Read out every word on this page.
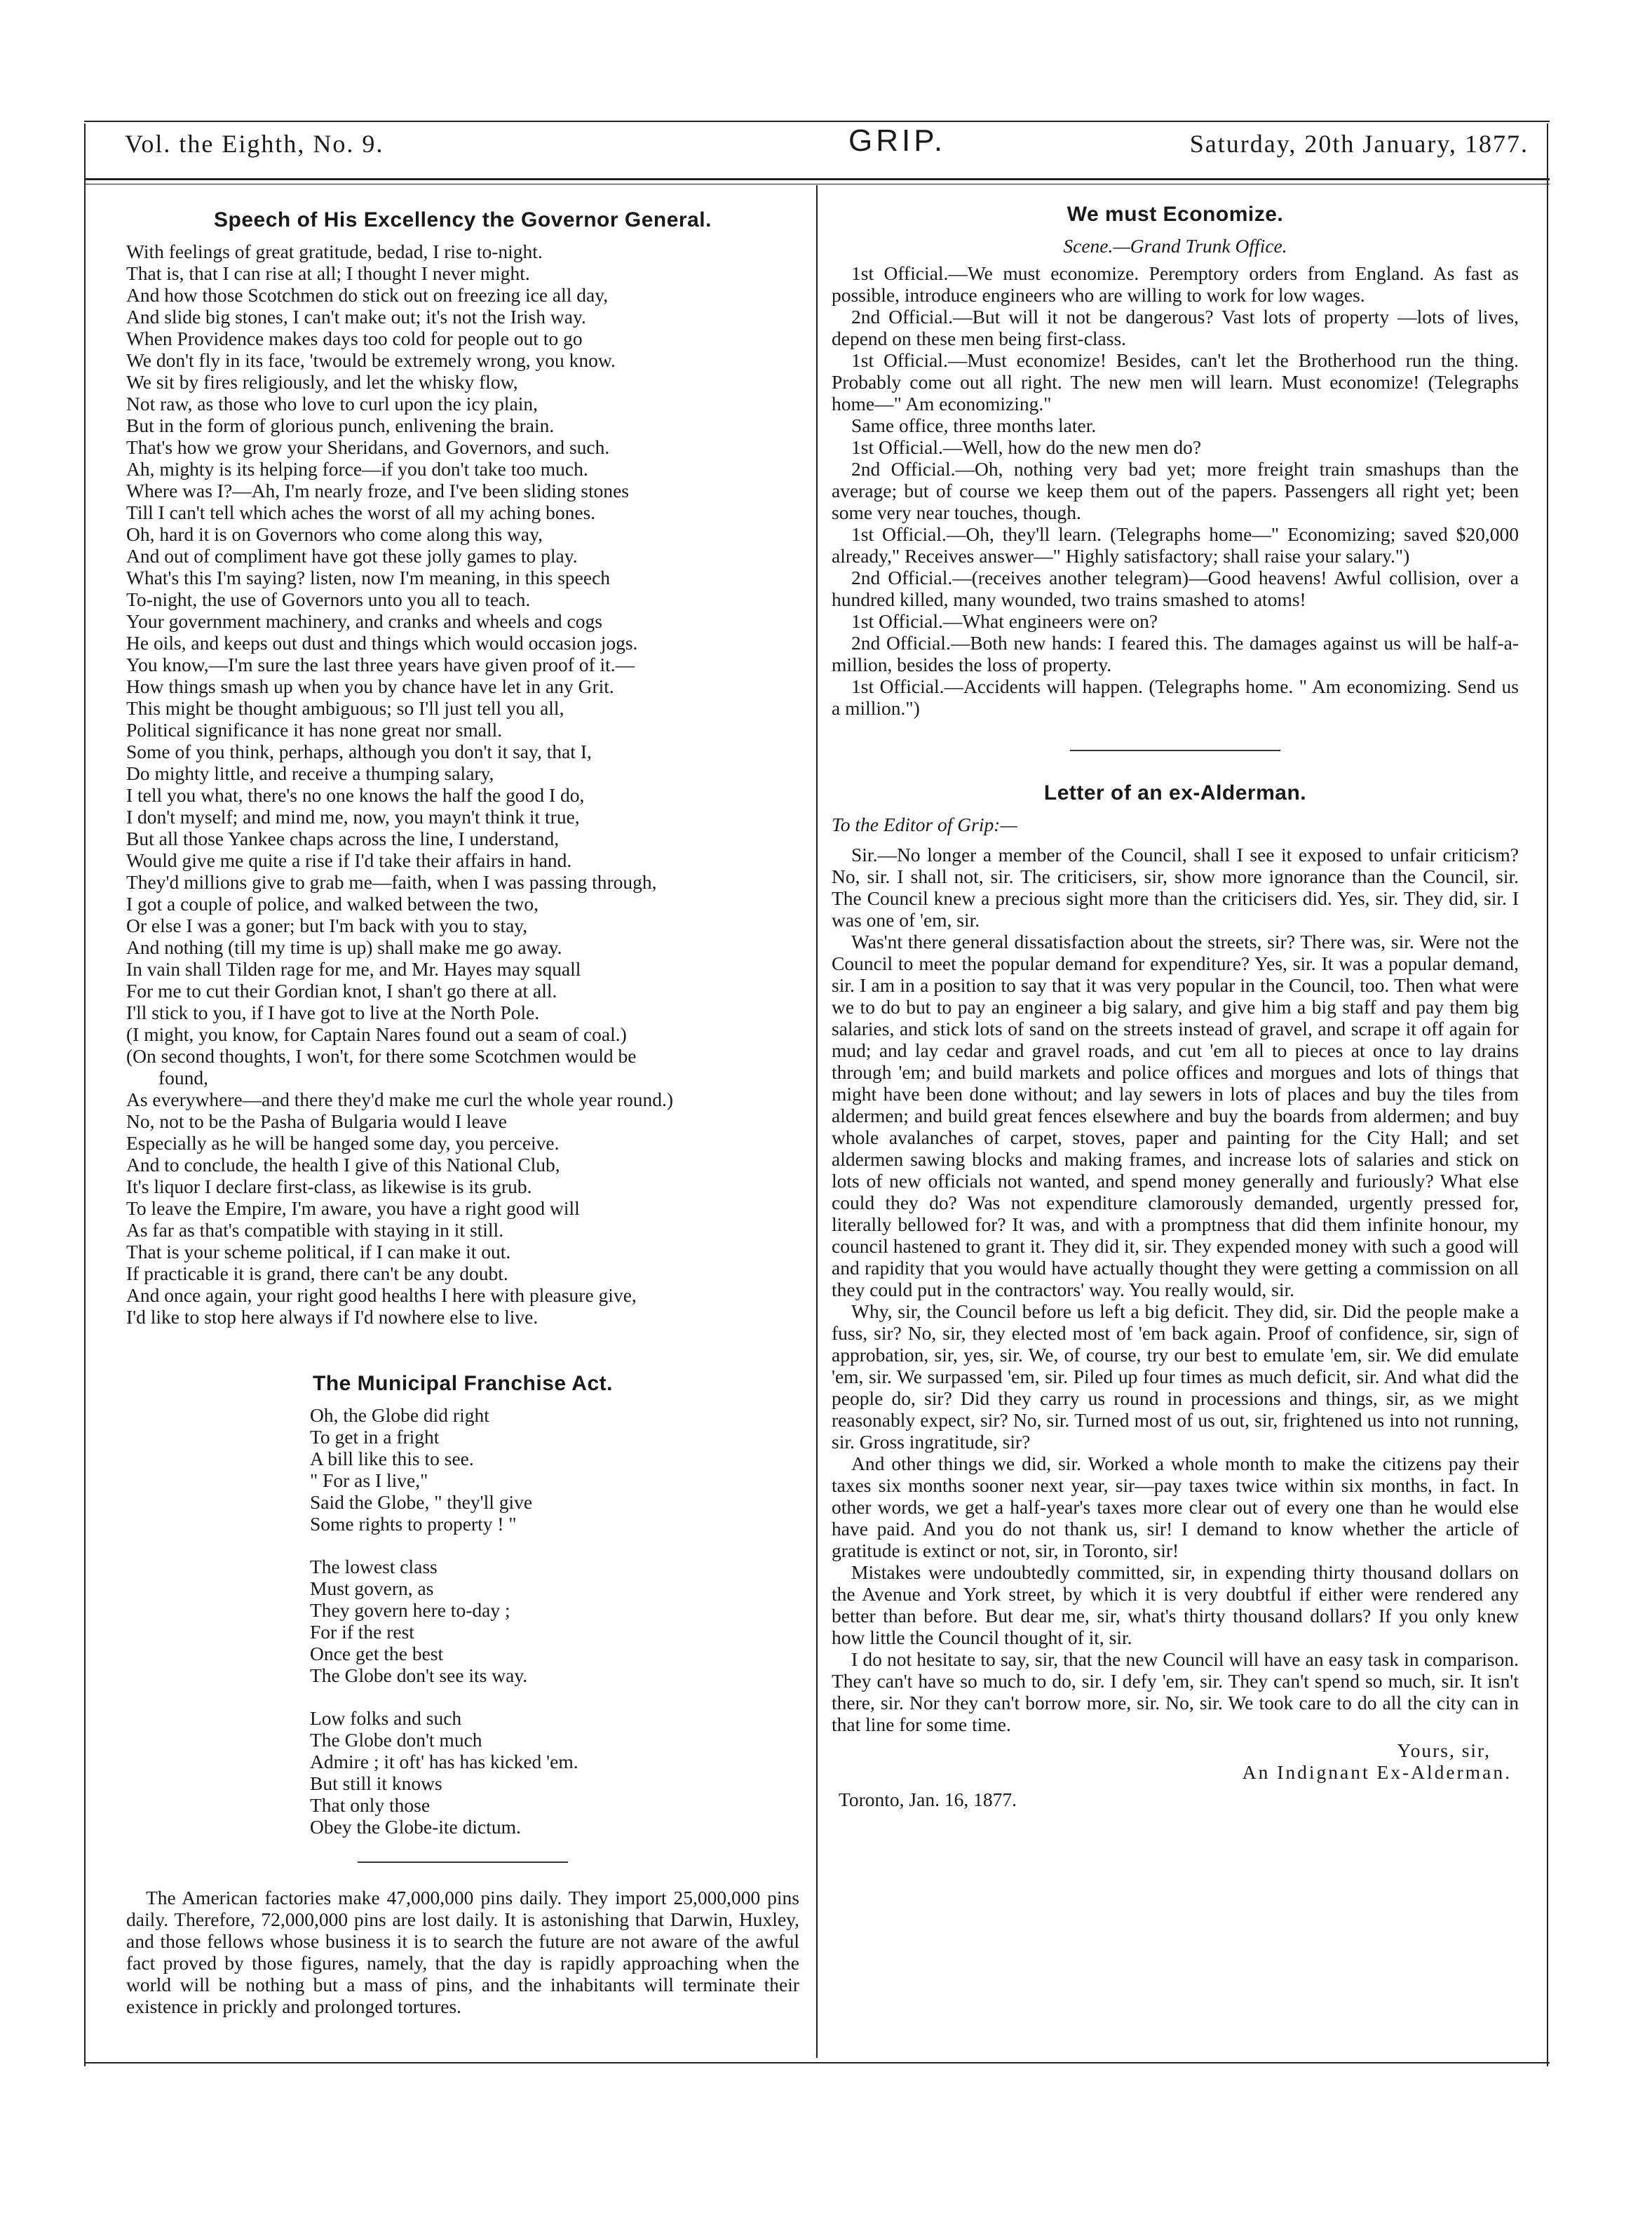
Vol. the Eighth, No. 9.	GRIP.	Saturday, 20th January, 1877.
Speech of His Excellency the Governor General.
With feelings of great gratitude, bedad, I rise to-night.
That is, that I can rise at all; I thought I never might.
And how those Scotchmen do stick out on freezing ice all day,
And slide big stones, I can't make out; it's not the Irish way.
When Providence makes days too cold for people out to go
We don't fly in its face, 'twould be extremely wrong, you know.
We sit by fires religiously, and let the whisky flow,
Not raw, as those who love to curl upon the icy plain,
But in the form of glorious punch, enlivening the brain.
That's how we grow your Sheridans, and Governors, and such.
Ah, mighty is its helping force—if you don't take too much.
Where was I?—Ah, I'm nearly froze, and I've been sliding stones
Till I can't tell which aches the worst of all my aching bones.
Oh, hard it is on Governors who come along this way,
And out of compliment have got these jolly games to play.
What's this I'm saying? listen, now I'm meaning, in this speech
To-night, the use of Governors unto you all to teach.
Your government machinery, and cranks and wheels and cogs
He oils, and keeps out dust and things which would occasion jogs.
You know,—I'm sure the last three years have given proof of it.—
How things smash up when you by chance have let in any Grit.
This might be thought ambiguous; so I'll just tell you all,
Political significance it has none great nor small.
Some of you think, perhaps, although you don't it say, that I,
Do mighty little, and receive a thumping salary,
I tell you what, there's no one knows the half the good I do,
I don't myself; and mind me, now, you mayn't think it true,
But all those Yankee chaps across the line, I understand,
Would give me quite a rise if I'd take their affairs in hand.
They'd millions give to grab me—faith, when I was passing through,
I got a couple of police, and walked between the two,
Or else I was a goner; but I'm back with you to stay,
And nothing (till my time is up) shall make me go away.
In vain shall Tilden rage for me, and Mr. Hayes may squall
For me to cut their Gordian knot, I shan't go there at all.
I'll stick to you, if I have got to live at the North Pole.
(I might, you know, for Captain Nares found out a seam of coal.)
(On second thoughts, I won't, for there some Scotchmen would be
found,
As everywhere—and there they'd make me curl the whole year round.)
No, not to be the Pasha of Bulgaria would I leave
Especially as he will be hanged some day, you perceive.
And to conclude, the health I give of this National Club,
It's liquor I declare first-class, as likewise is its grub.
To leave the Empire, I'm aware, you have a right good will
As far as that's compatible with staying in it still.
That is your scheme political, if I can make it out.
If practicable it is grand, there can't be any doubt.
And once again, your right good healths I here with pleasure give,
I'd like to stop here always if I'd nowhere else to live.
The Municipal Franchise Act.
Oh, the Globe did right
To get in a fright
A bill like this to see.
" For as I live,"
Said the Globe, " they'll give
Some rights to property ! "
The lowest class
Must govern, as
They govern here to-day ;
For if the rest
Once get the best
The Globe don't see its way.
Low folks and such
The Globe don't much
Admire ; it oft' has has kicked 'em.
But still it knows
That only those
Obey the Globe-ite dictum.

The American factories make 47,000,000 pins daily. They import 25,000,000 pins daily. Therefore, 72,000,000 pins are lost daily. It is astonishing that Darwin, Huxley, and those fellows whose business it is to search the future are not aware of the awful fact proved by those figures, namely, that the day is rapidly approaching when the world will be nothing but a mass of pins, and the inhabitants will terminate their existence in prickly and prolonged tortures.

We must Economize.

Scene.—Grand Trunk Office.

1st Official.—We must economize. Peremptory orders from England. As fast as possible, introduce engineers who are willing to work for low wages.

2nd Official.—But will it not be dangerous? Vast lots of property —lots of lives, depend on these men being first-class.

1st Official.—Must economize! Besides, can't let the Brotherhood run the thing. Probably come out all right. The new men will learn. Must economize! (Telegraphs home—" Am economizing."

Same office, three months later.

1st Official.—Well, how do the new men do?

2nd Official.—Oh, nothing very bad yet; more freight train smashups than the average; but of course we keep them out of the papers. Passengers all right yet; been some very near touches, though.

1st Official.—Oh, they'll learn. (Telegraphs home—" Economizing; saved $20,000 already," Receives answer—" Highly satisfactory; shall raise your salary.")

2nd Official.—(receives another telegram)—Good heavens! Awful collision, over a hundred killed, many wounded, two trains smashed to atoms!

1st Official.—What engineers were on?

2nd Official.—Both new hands: I feared this. The damages against us will be half-a-million, besides the loss of property.

1st Official.—Accidents will happen. (Telegraphs home. " Am economizing. Send us a million.")

Letter of an ex-Alderman.

To the Editor of Grip:—

Sir.—No longer a member of the Council, shall I see it exposed to unfair criticism? No, sir. I shall not, sir. The criticisers, sir, show more ignorance than the Council, sir. The Council knew a precious sight more than the criticisers did. Yes, sir. They did, sir. I was one of 'em, sir.

Was'nt there general dissatisfaction about the streets, sir? There was, sir. Were not the Council to meet the popular demand for expenditure? Yes, sir. It was a popular demand, sir. I am in a position to say that it was very popular in the Council, too. Then what were we to do but to pay an engineer a big salary, and give him a big staff and pay them big salaries, and stick lots of sand on the streets instead of gravel, and scrape it off again for mud; and lay cedar and gravel roads, and cut 'em all to pieces at once to lay drains through 'em; and build markets and police offices and morgues and lots of things that might have been done without; and lay sewers in lots of places and buy the tiles from aldermen; and build great fences elsewhere and buy the boards from aldermen; and buy whole avalanches of carpet, stoves, paper and painting for the City Hall; and set aldermen sawing blocks and making frames, and increase lots of salaries and stick on lots of new officials not wanted, and spend money generally and furiously? What else could they do? Was not expenditure clamorously demanded, urgently pressed for, literally bellowed for? It was, and with a promptness that did them infinite honour, my council hastened to grant it. They did it, sir. They expended money with such a good will and rapidity that you would have actually thought they were getting a commission on all they could put in the contractors' way. You really would, sir.

Why, sir, the Council before us left a big deficit. They did, sir. Did the people make a fuss, sir? No, sir, they elected most of 'em back again. Proof of confidence, sir, sign of approbation, sir, yes, sir. We, of course, try our best to emulate 'em, sir. We did emulate 'em, sir. We surpassed 'em, sir. Piled up four times as much deficit, sir. And what did the people do, sir? Did they carry us round in processions and things, sir, as we might reasonably expect, sir? No, sir. Turned most of us out, sir, frightened us into not running, sir. Gross ingratitude, sir?

And other things we did, sir. Worked a whole month to make the citizens pay their taxes six months sooner next year, sir—pay taxes twice within six months, in fact. In other words, we get a half-year's taxes more clear out of every one than he would else have paid. And you do not thank us, sir! I demand to know whether the article of gratitude is extinct or not, sir, in Toronto, sir!

Mistakes were undoubtedly committed, sir, in expending thirty thousand dollars on the Avenue and York street, by which it is very doubtful if either were rendered any better than before. But dear me, sir, what's thirty thousand dollars? If you only knew how little the Council thought of it, sir.

I do not hesitate to say, sir, that the new Council will have an easy task in comparison. They can't have so much to do, sir. I defy 'em, sir. They can't spend so much, sir. It isn't there, sir. Nor they can't borrow more, sir. No, sir. We took care to do all the city can in that line for some time.

Yours, sir,

An Indignant Ex-Alderman.

Toronto, Jan. 16, 1877.
